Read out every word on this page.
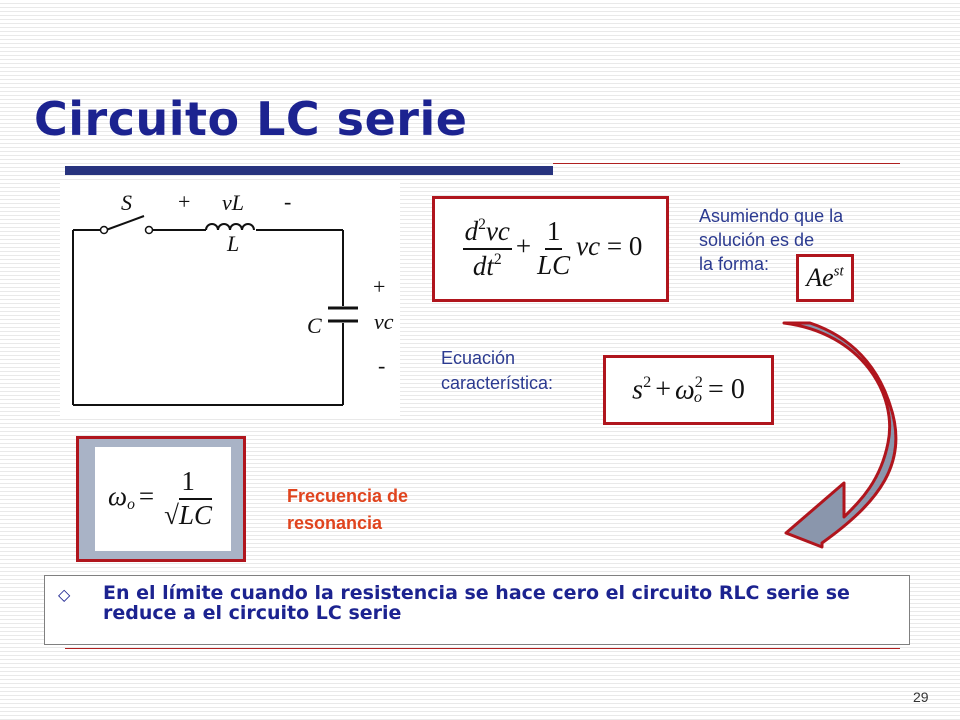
Circuito LC serie
S + vL -
L
+
C vc
-
$\frac{d^2vc}{dt^2} + \frac{1}{LC}$ vc = 0
Asumiendo que la
solución es de
la forma:	$Ae^{st}$
Ecuación
característica:	$s^2 + \omega^2_o = 0$
$\omega_o = \frac{1}{√LC}$	Frecuencia de
resonancia
◇ En el límite cuando la resistencia se hace cero el circuito RLC serie se reduce a el circuito LC serie

29
